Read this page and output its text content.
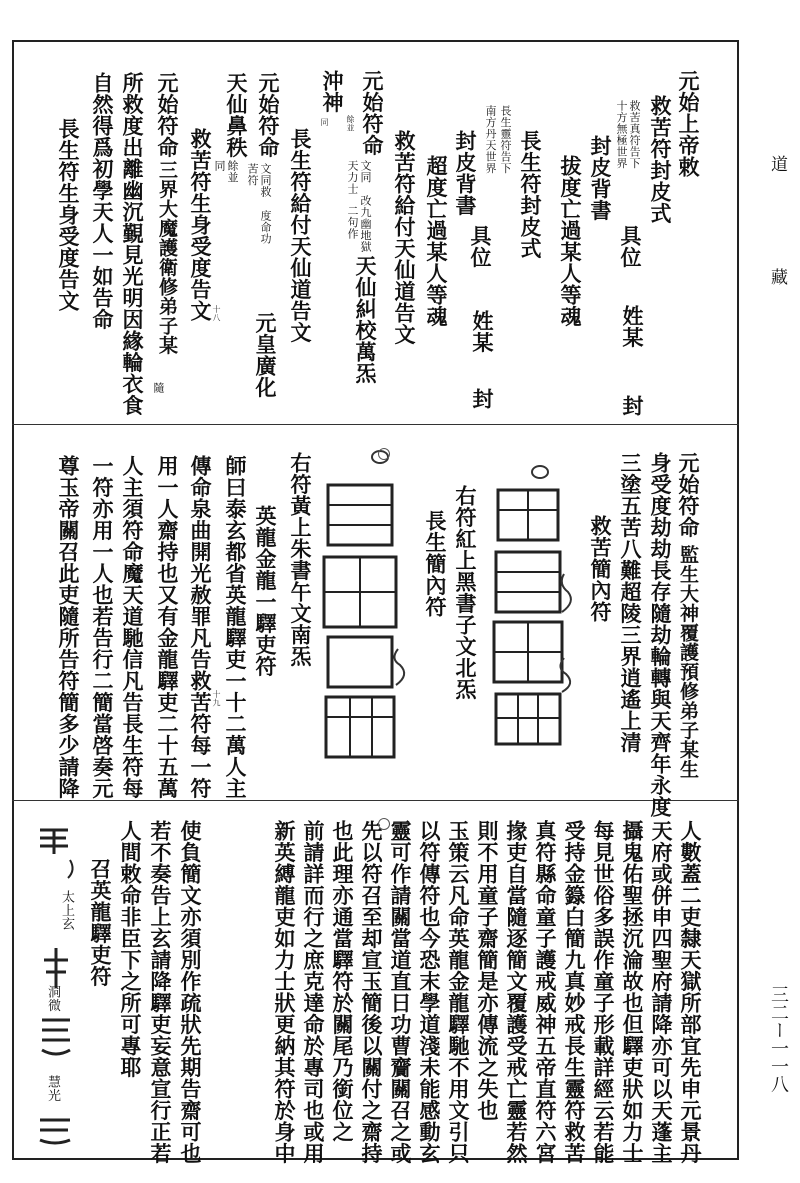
道
藏
三二ー一一八
元始上帝敕
救苦符封皮式
救苦真符告下
十方無極世界
封皮背書
拔度亡過某人等魂 具位
姓某
封
長生符封皮式
長生靈符告下
南方丹天世界
具位
姓某
封
封皮背書
超度亡過某人等魂
救苦符給付天仙道告文
元始符命
文同
天力士
改九幽地獄
二句作
天仙糾校萬炁
沖神
同 餘並
長生符給付天仙道告文
元始符命
文同救
苦符
度命功
元皇廣化
天仙鼻秩
餘並
同
救苦符生身受度告文 十八
元始符命
三界大魔護衛修弟子某
隨
所救度出離幽沉覲見光明因緣輪衣食
自然得爲初學天人一如告命
長生符生身受度告文
元始符命
監生大神覆護預修弟子某生
身受度劫劫長存隨劫輪轉與天齊年永度
三塗五苦八難超陵三界逍遙上清
救苦簡內符
右符紅上黑書子文北炁
長生簡內符
右符黃上朱書午文南炁
英龍金龍一驛吏符
師曰泰玄都省英龍驛吏一十二萬人主
十九
傳命泉曲開光赦罪凡告救苦符每一符
用一人齋持也又有金龍驛吏二十五萬
人主須符命魔天道馳信凡告長生符每
一符亦用一人也若告行二簡當啓奏元
尊玉帝關召此吏隨所告符簡多少請降
人數蓋二吏隸天獄所部宜先申元景丹
天府或併申四聖府請降亦可以天蓬主
攝鬼佑聖拯沉淪故也但驛吏狀如力士
每見世俗多誤作童子形載詳經云若能
受持金籙白簡九真妙戒長生靈符救苦
真符縣命童子護戒威神五帝直符六宮
掾吏自當隨逐簡文覆護受戒亡靈若然
則不用童子齋簡是亦傳流之失也
玉策云凡命英龍金龍驛馳不用文引只
以符傳符也今恐末學道淺未能感動玄
靈可作請關當道直日功曹齎關召之或
先以符召至却宣玉簡後以關付之齋持
也此理亦通當驛符於關尾乃銜位之
前請詳而行之庶克達命於專司也或用
新英縛龍吏如力士狀更納其符於身中
使負簡文亦須別作疏狀先期告齋可也
若不奏告上玄請降驛吏妄意宣行正若
人間敕命非臣下之所可專耶
召英龍驛吏符
太上玄
洞微
慧光
